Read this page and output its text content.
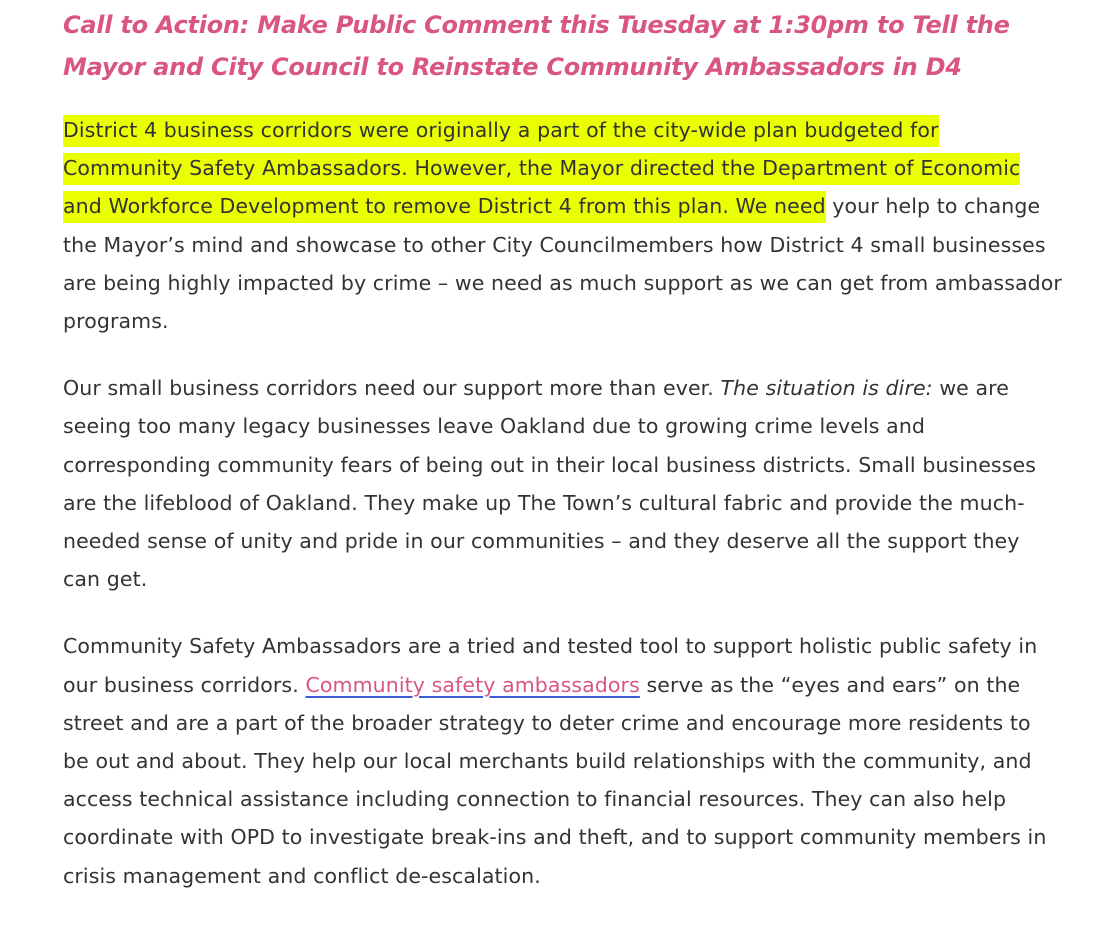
Call to Action: Make Public Comment this Tuesday at 1:30pm to Tell the Mayor and City Council to Reinstate Community Ambassadors in D4

District 4 business corridors were originally a part of the city-wide plan budgeted for Community Safety Ambassadors. However, the Mayor directed the Department of Economic and Workforce Development to remove District 4 from this plan. We need your help to change the Mayor’s mind and showcase to other City Councilmembers how District 4 small businesses are being highly impacted by crime – we need as much support as we can get from ambassador programs.

Our small business corridors need our support more than ever. The situation is dire: we are seeing too many legacy businesses leave Oakland due to growing crime levels and corresponding community fears of being out in their local business districts. Small businesses are the lifeblood of Oakland. They make up The Town’s cultural fabric and provide the much-needed sense of unity and pride in our communities – and they deserve all the support they can get.

Community Safety Ambassadors are a tried and tested tool to support holistic public safety in our business corridors. Community safety ambassadors serve as the “eyes and ears” on the street and are a part of the broader strategy to deter crime and encourage more residents to be out and about. They help our local merchants build relationships with the community, and access technical assistance including connection to financial resources. They can also help coordinate with OPD to investigate break-ins and theft, and to support community members in crisis management and conflict de-escalation.
